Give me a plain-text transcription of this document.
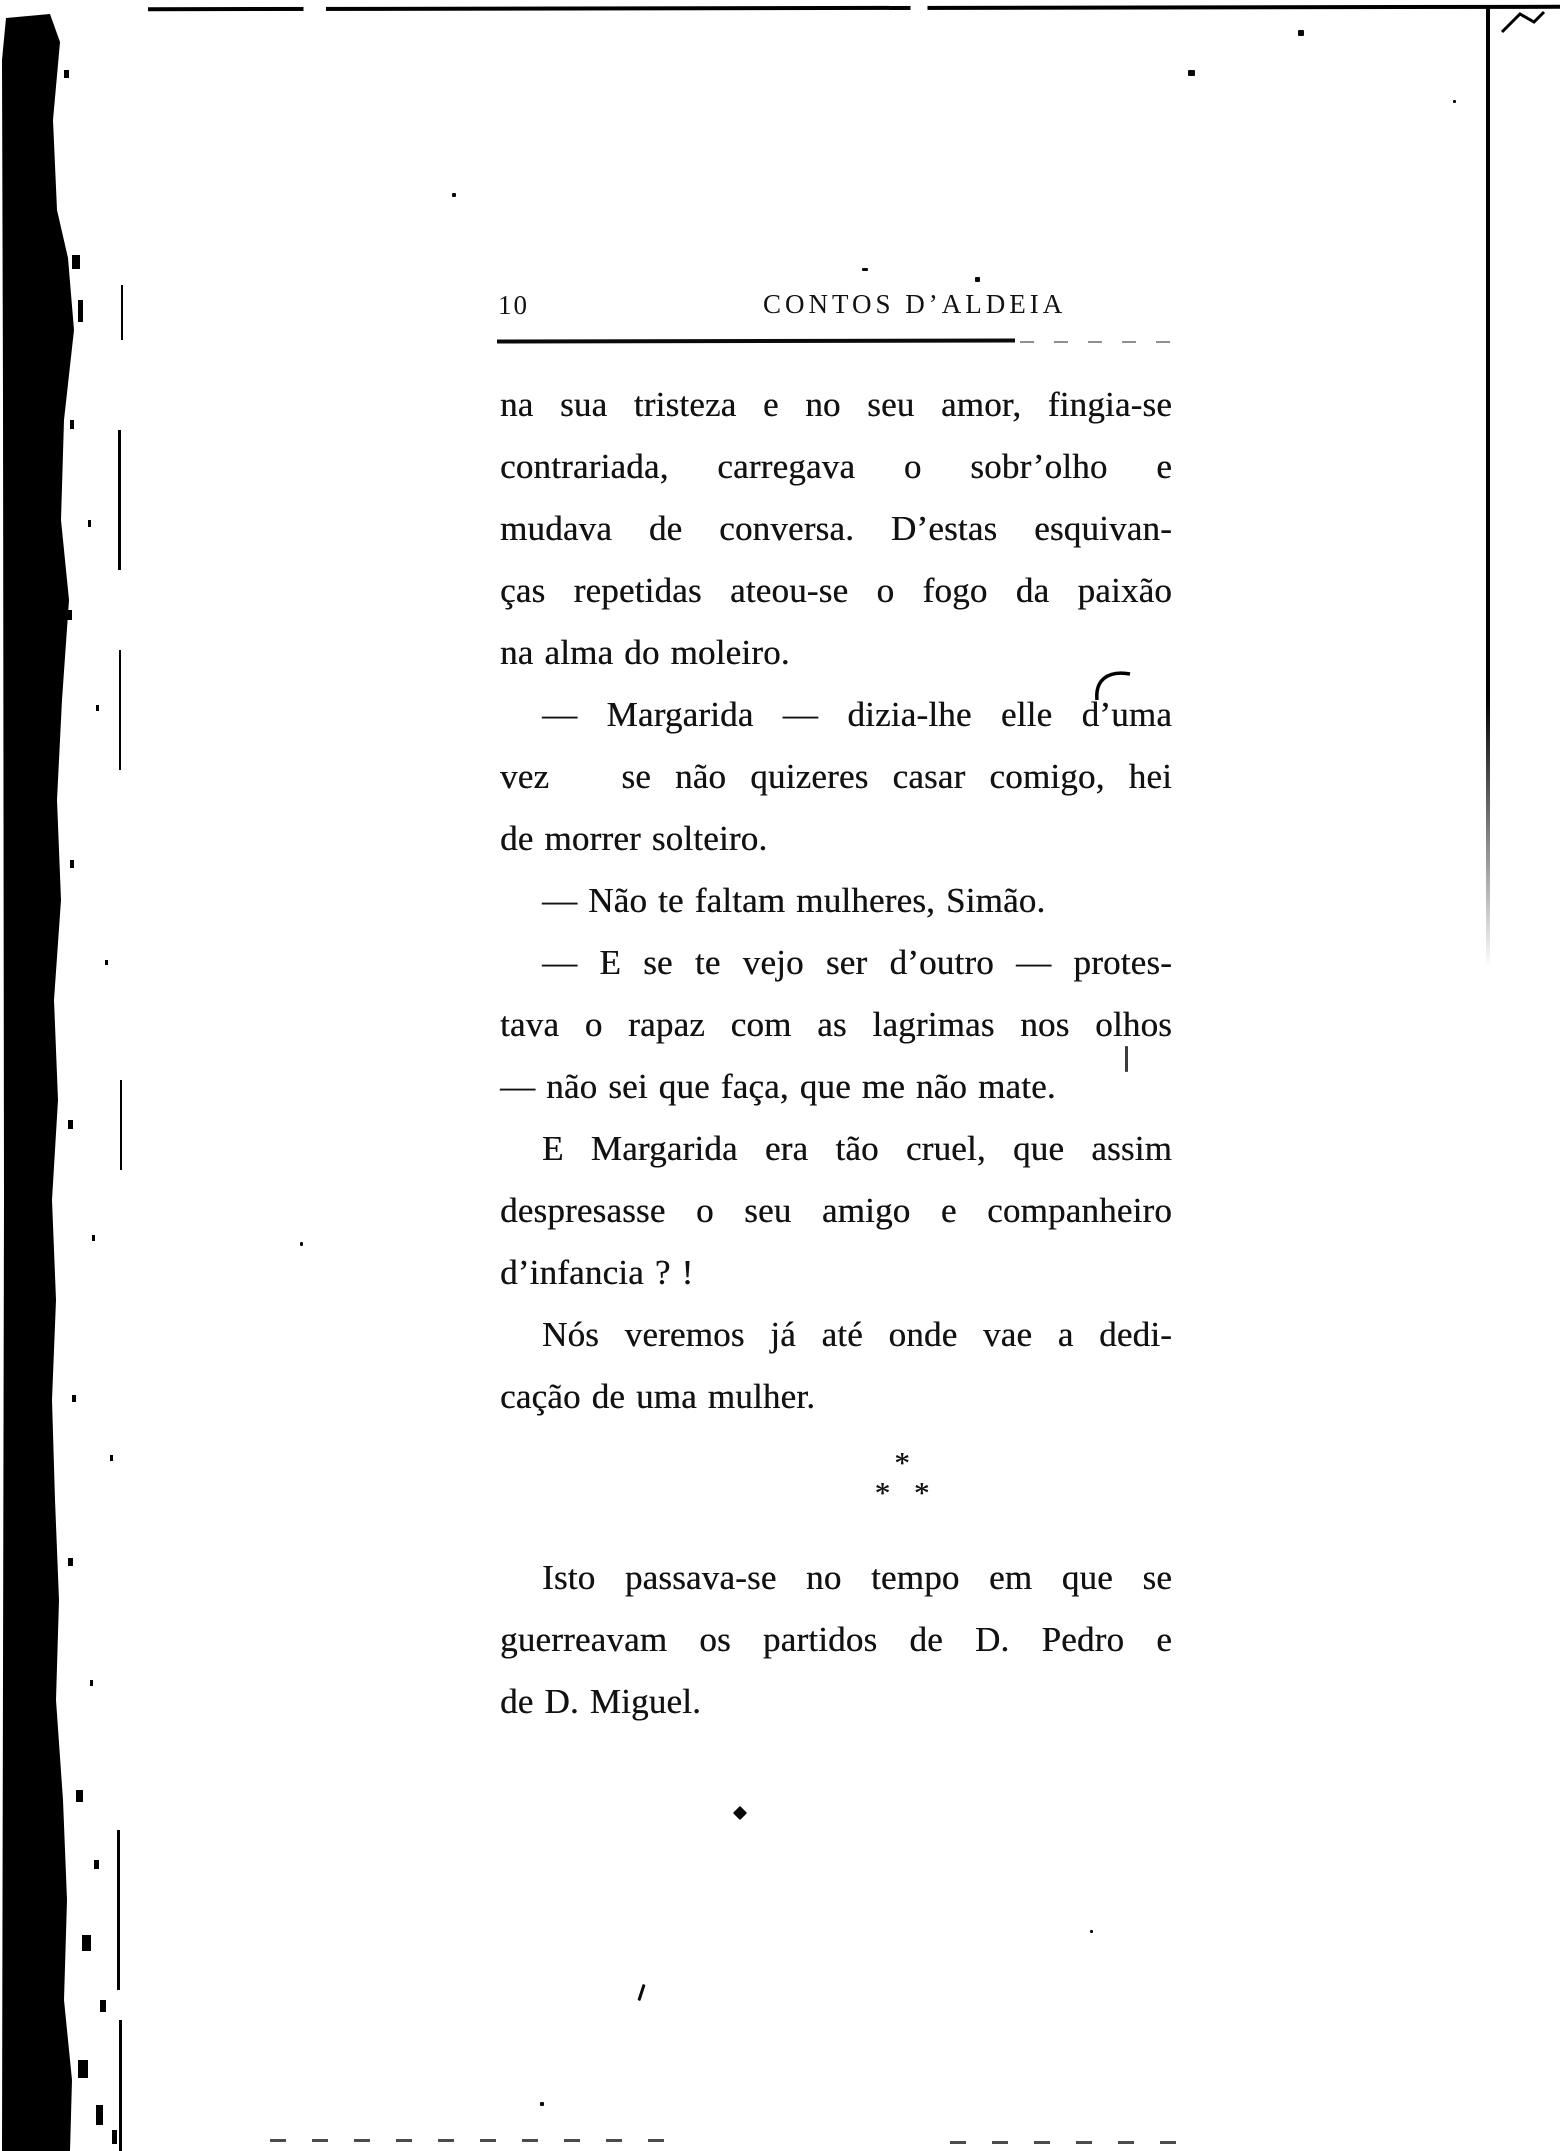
10	CONTOS D’ALDEIA
na sua tristeza e no seu amor, fingia-se
contrariada, carregava o sobr’olho e
mudava de conversa. D’estas esquivan-
ças repetidas ateou-se o fogo da paixão
na alma do moleiro.
— Margarida — dizia-lhe elle d’uma
vez   se não quizeres casar comigo, hei
de morrer solteiro.
— Não te faltam mulheres, Simão.
— E se te vejo ser d’outro — protes-
tava o rapaz com as lagrimas nos olhos
— não sei que faça, que me não mate.
E Margarida era tão cruel, que assim
despresasse o seu amigo e companheiro
d’infancia ? !
Nós veremos já até onde vae a dedi-
cação de uma mulher.
*
* *
Isto passava-se no tempo em que se
guerreavam os partidos de D. Pedro e
de D. Miguel.
